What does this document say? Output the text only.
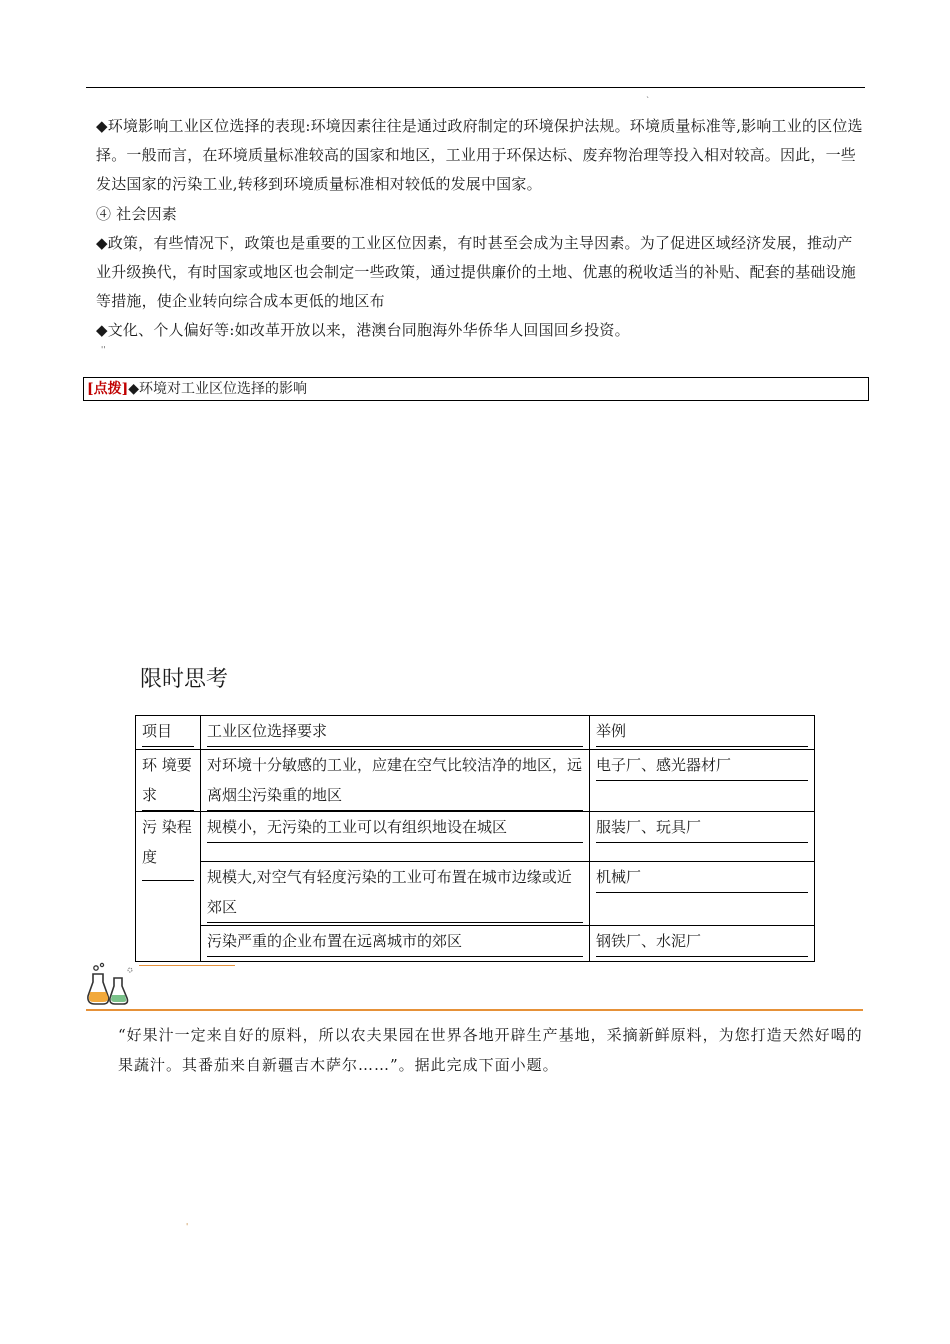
`

◆环境影响工业区位选择的表现:环境因素往往是通过政府制定的环境保护法规。环境质量标准等,影响工业的区位选择。一般而言，在环境质量标准较高的国家和地区，工业用于环保达标、废弃物治理等投入相对较高。因此，一些发达国家的污染工业,转移到环境质量标准相对较低的发展中国家。

④ 社会因素

◆政策，有些情况下，政策也是重要的工业区位因素，有时甚至会成为主导因素。为了促进区域经济发展，推动产业升级换代，有时国家或地区也会制定一些政策，通过提供廉价的土地、优惠的税收适当的补贴、配套的基础设施等措施，使企业转向综合成本更低的地区布

◆文化、个人偏好等:如改革开放以来，港澳台同胞海外华侨华人回国回乡投资。

''
[点拨]◆环境对工业区位选择的影响
限时思考
项目	工业区位选择要求	举例

环 境要求	对环境十分敏感的工业，应建在空气比较洁净的地区，远离烟尘污染重的地区	电子厂、感光器材厂

污 染程度	规模小，无污染的工业可以有组织地设在城区	服装厂、玩具厂

	规模大,对空气有轻度污染的工业可布置在城市边缘或近郊区	机械厂

	污染严重的企业布置在远离城市的郊区	钢铁厂、水泥厂

“好果汁一定来自好的原料，所以农夫果园在世界各地开辟生产基地，采摘新鲜原料，为您打造天然好喝的果蔬汁。其番茄来自新疆吉木萨尔……”。据此完成下面小题。

'
